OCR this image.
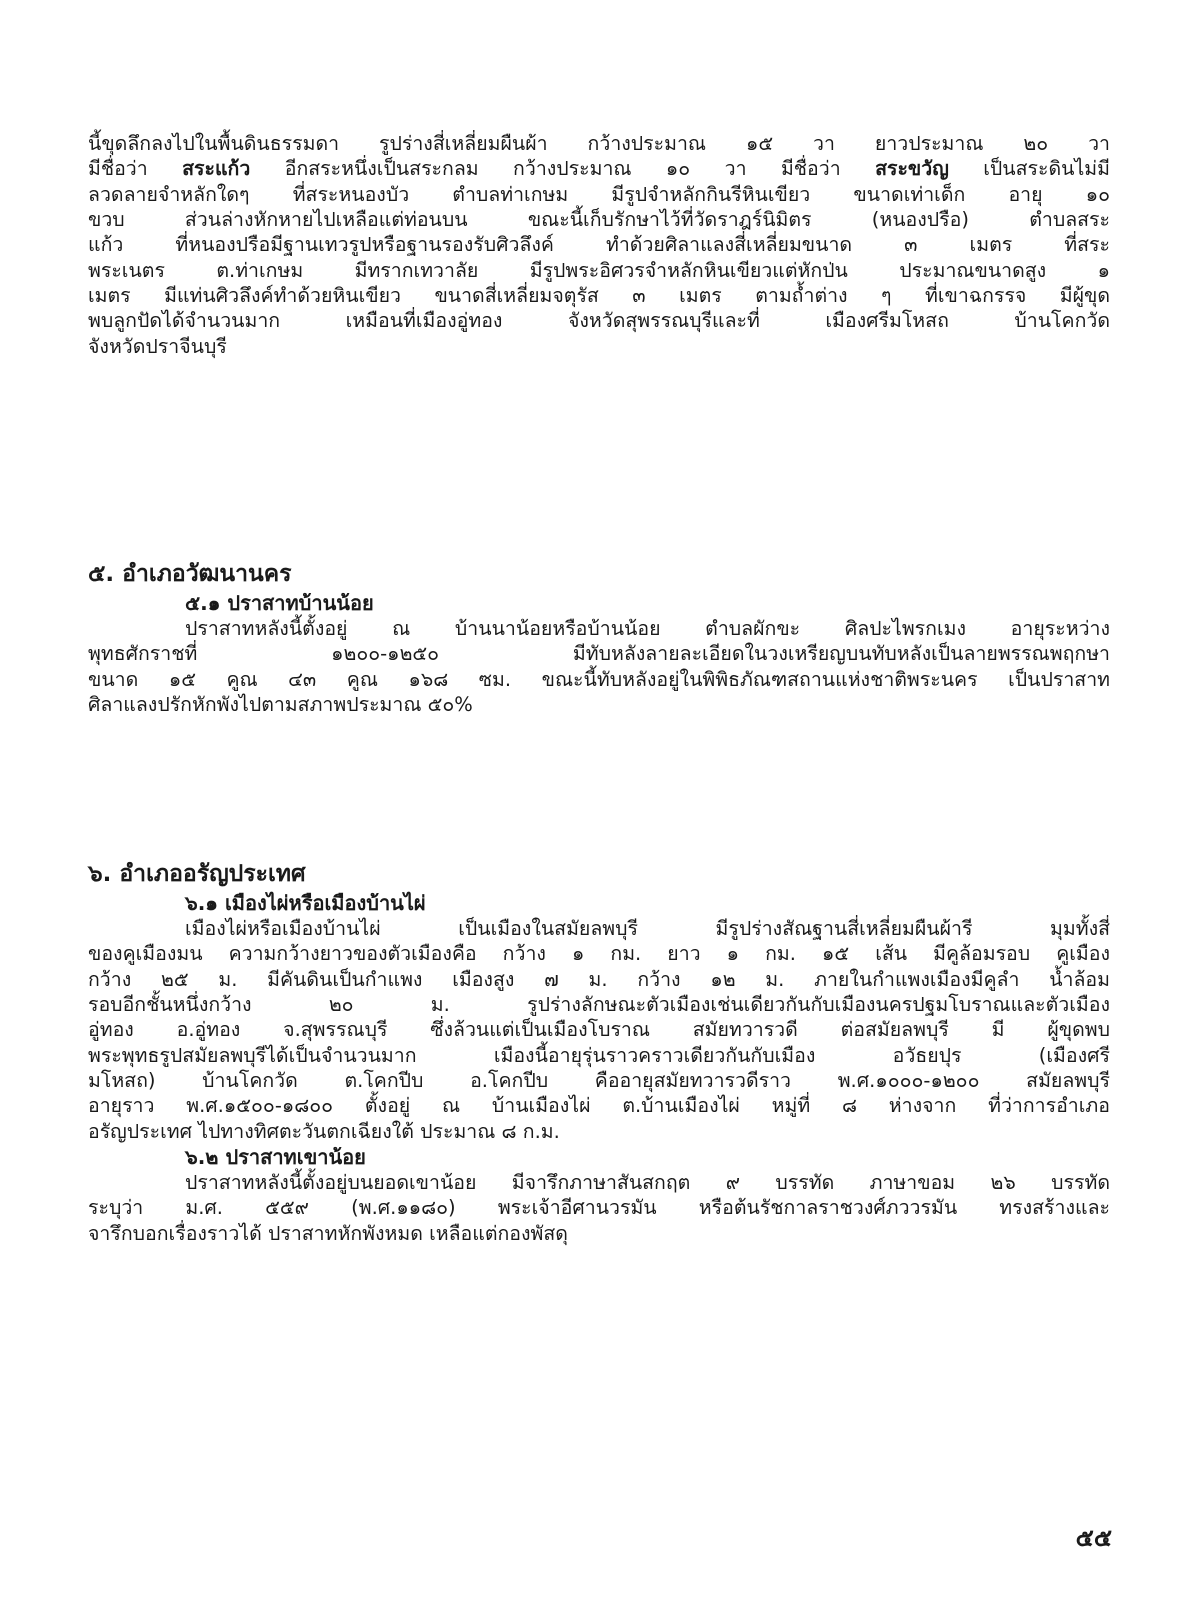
นี้ขุดลึกลงไปในพื้นดินธรรมดา รูปร่างสี่เหลี่ยมผืนผ้า กว้างประมาณ ๑๕ วา ยาวประมาณ ๒๐ วา
มีชื่อว่า สระแก้ว อีกสระหนึ่งเป็นสระกลม กว้างประมาณ ๑๐ วา มีชื่อว่า สระขวัญ เป็นสระดินไม่มี
ลวดลายจำหลักใดๆ ที่สระหนองบัว ตำบลท่าเกษม มีรูปจำหลักกินรีหินเขียว ขนาดเท่าเด็ก อายุ ๑๐
ขวบ ส่วนล่างหักหายไปเหลือแต่ท่อนบน ขณะนี้เก็บรักษาไว้ที่วัดราฎร์นิมิตร (หนองปรือ) ตำบลสระ
แก้ว ที่หนองปรือมีฐานเทวรูปหรือฐานรองรับศิวลึงค์ ทำด้วยศิลาแลงสี่เหลี่ยมขนาด ๓ เมตร ที่สระ
พระเนตร ต.ท่าเกษม มีทรากเทวาลัย มีรูปพระอิศวรจำหลักหินเขียวแต่หักป่น ประมาณขนาดสูง ๑
เมตร มีแท่นศิวลึงค์ทำด้วยหินเขียว ขนาดสี่เหลี่ยมจตุรัส ๓ เมตร ตามถ้ำต่าง ๆ ที่เขาฉกรรจ มีผู้ขุด
พบลูกปัดได้จำนวนมาก เหมือนที่เมืองอู่ทอง จังหวัดสุพรรณบุรีและที่ เมืองศรีมโหสถ บ้านโคกวัด
จังหวัดปราจีนบุรี
๕. อำเภอวัฒนานคร
๕.๑ ปราสาทบ้านน้อย
ปราสาทหลังนี้ตั้งอยู่ ณ บ้านนาน้อยหรือบ้านน้อย ตำบลผักขะ ศิลปะไพรกเมง อายุระหว่าง
พุทธศักราชที่ ๑๒๐๐-๑๒๕๐ มีทับหลังลายละเอียดในวงเหรียญบนทับหลังเป็นลายพรรณพฤกษา
ขนาด ๑๕ คูณ ๔๓ คูณ ๑๖๘ ซม. ขณะนี้ทับหลังอยู่ในพิพิธภัณฑสถานแห่งชาติพระนคร เป็นปราสาท
ศิลาแลงปรักหักพังไปตามสภาพประมาณ ๕๐%
๖. อำเภออรัญประเทศ
๖.๑ เมืองไผ่หรือเมืองบ้านไผ่
เมืองไผ่หรือเมืองบ้านไผ่ เป็นเมืองในสมัยลพบุรี มีรูปร่างสัณฐานสี่เหลี่ยมผืนผ้ารี มุมทั้งสี่
ของคูเมืองมน ความกว้างยาวของตัวเมืองคือ กว้าง ๑ กม. ยาว ๑ กม. ๑๕ เส้น มีคูล้อมรอบ คูเมือง
กว้าง ๒๕ ม. มีคันดินเป็นกำแพง เมืองสูง ๗ ม. กว้าง ๑๒ ม. ภายในกำแพงเมืองมีคูลำ น้ำล้อม
รอบอีกชั้นหนึ่งกว้าง ๒๐ ม. รูปร่างลักษณะตัวเมืองเช่นเดียวกันกับเมืองนครปฐมโบราณและตัวเมือง
อู่ทอง อ.อู่ทอง จ.สุพรรณบุรี ซึ่งล้วนแต่เป็นเมืองโบราณ สมัยทวารวดี ต่อสมัยลพบุรี มี ผู้ขุดพบ
พระพุทธรูปสมัยลพบุรีได้เป็นจำนวนมาก เมืองนี้อายุรุ่นราวคราวเดียวกันกับเมือง อวัธยปุร (เมืองศรี
มโหสถ) บ้านโคกวัด ต.โคกปีบ อ.โคกปีบ คืออายุสมัยทวารวดีราว พ.ศ.๑๐๐๐-๑๒๐๐ สมัยลพบุรี
อายุราว พ.ศ.๑๕๐๐-๑๘๐๐ ตั้งอยู่ ณ บ้านเมืองไผ่ ต.บ้านเมืองไผ่ หมู่ที่ ๘ ห่างจาก ที่ว่าการอำเภอ
อรัญประเทศ ไปทางทิศตะวันตกเฉียงใต้ ประมาณ ๘ ก.ม.
๖.๒ ปราสาทเขาน้อย
ปราสาทหลังนี้ตั้งอยู่บนยอดเขาน้อย มีจารึกภาษาสันสกฤต ๙ บรรทัด ภาษาขอม ๒๖ บรรทัด
ระบุว่า ม.ศ. ๕๕๙ (พ.ศ.๑๑๘๐) พระเจ้าอีศานวรมัน หรือต้นรัชกาลราชวงศ์ภววรมัน ทรงสร้างและ
จารึกบอกเรื่องราวได้ ปราสาทหักพังหมด เหลือแต่กองพัสดุ
๕๕
